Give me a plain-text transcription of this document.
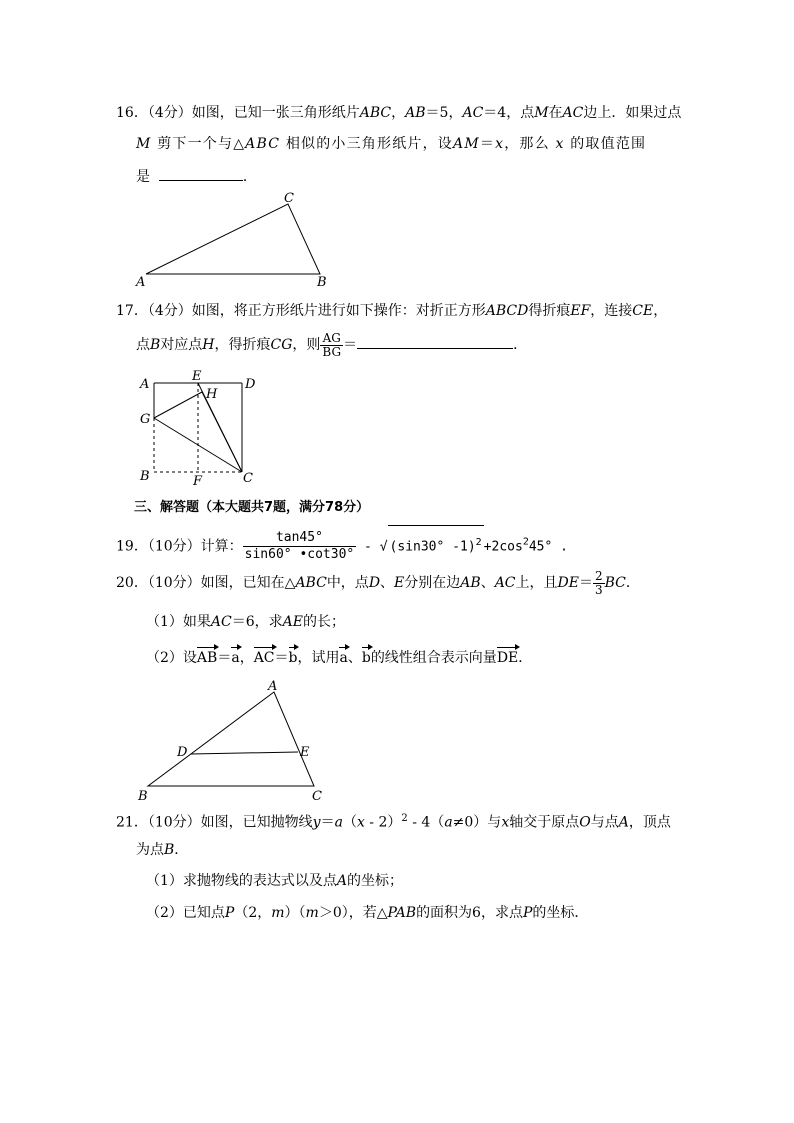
16．（4分）如图，已知一张三角形纸片ABC，AB＝5，AC＝4，点M在AC边上．如果过点
M 剪下一个与△ABC 相似的小三角形纸片，设AM＝x，那么 x 的取值范围
是	．
A	B
C
17．（4分）如图，将正方形纸片进行如下操作：对折正方形ABCD得折痕EF，连接CE，
点B对应点H，得折痕CG，则 $\frac{AG}{BG}$ ＝	．
A
E
D
H
G
B	F	C
三、解答题（本大题共7题，满分78分）
19．（10分）计算： $\frac{\tan 45^\circ}{\sin 60^\circ •\cot 30^\circ}$ - √ (sin30° $-1)^2 +2\cos^245^\circ$ .
20．（10分）如图，已知在△ABC中，点D、E分别在边AB、AC上，且$DE= \frac{2}{3}$ BC．
（1）如果AC＝6，求AE的长；
（2）设AB＝a，AC＝b，试用a、b的线性组合表示向量DE．
A
D	E
B	C
21．（10分）如图，已知抛物线y＝a（x - 2）$^2$ - 4（a≠0）与x轴交于原点O与点A，顶点
为点B．
（1）求抛物线的表达式以及点A的坐标；
（2）已知点P（2，m）（m＞0），若△PAB的面积为6，求点P的坐标．
